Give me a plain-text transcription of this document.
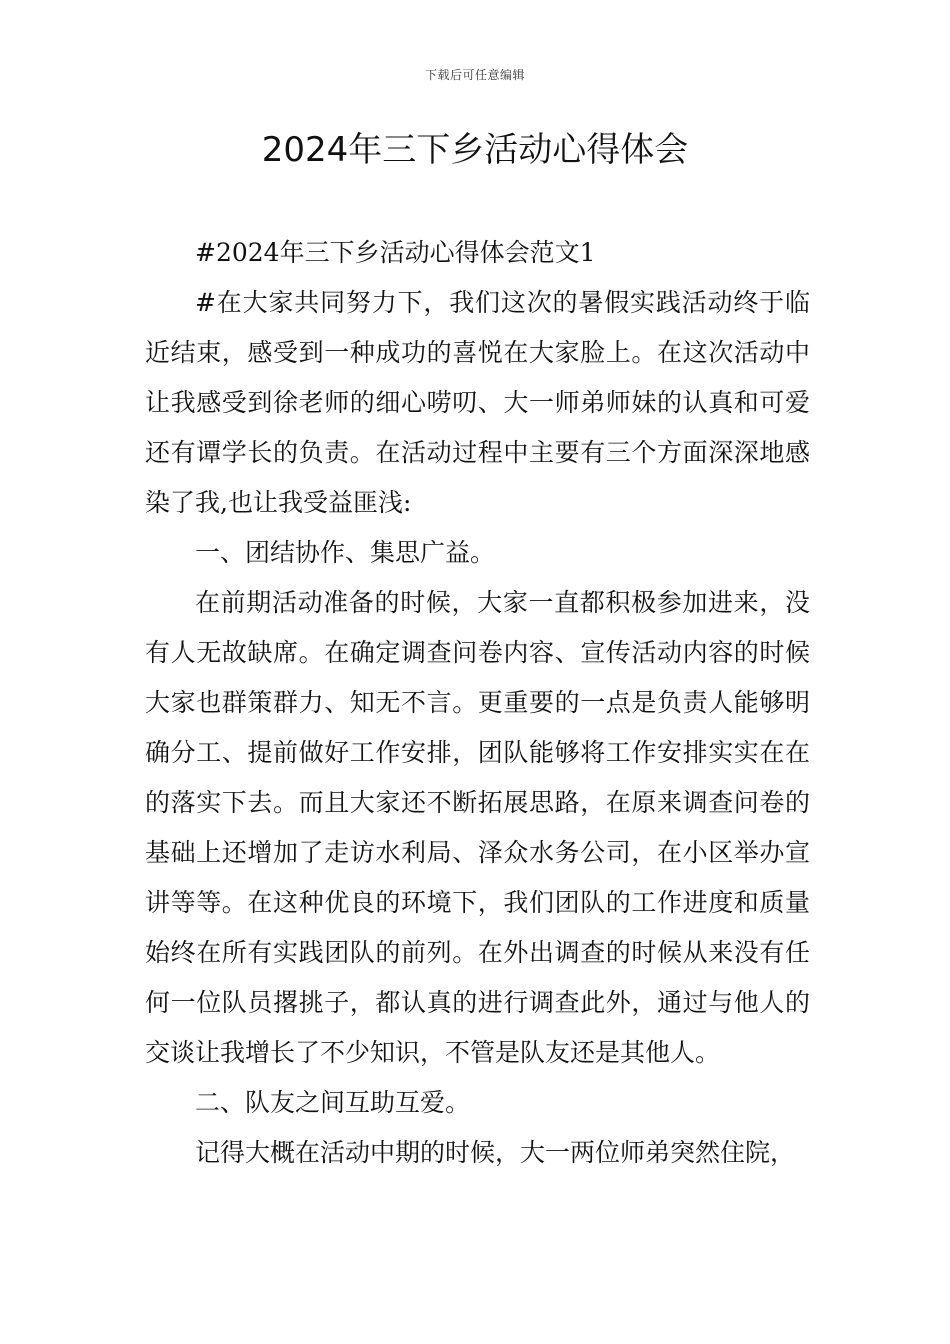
下载后可任意编辑
2024年三下乡活动心得体会

#2024年三下乡活动心得体会范文1

#在大家共同努力下，我们这次的暑假实践活动终于临近结束，感受到一种成功的喜悦在大家脸上。在这次活动中让我感受到徐老师的细心唠叨、大一师弟师妹的认真和可爱还有谭学长的负责。在活动过程中主要有三个方面深深地感染了我,也让我受益匪浅:

一、团结协作、集思广益。

在前期活动准备的时候，大家一直都积极参加进来，没有人无故缺席。在确定调查问卷内容、宣传活动内容的时候大家也群策群力、知无不言。更重要的一点是负责人能够明确分工、提前做好工作安排，团队能够将工作安排实实在在的落实下去。而且大家还不断拓展思路，在原来调查问卷的基础上还增加了走访水利局、泽众水务公司，在小区举办宣讲等等。在这种优良的环境下，我们团队的工作进度和质量始终在所有实践团队的前列。在外出调查的时候从来没有任何一位队员撂挑子，都认真的进行调查此外，通过与他人的交谈让我增长了不少知识，不管是队友还是其他人。

二、队友之间互助互爱。

记得大概在活动中期的时候，大一两位师弟突然住院，
